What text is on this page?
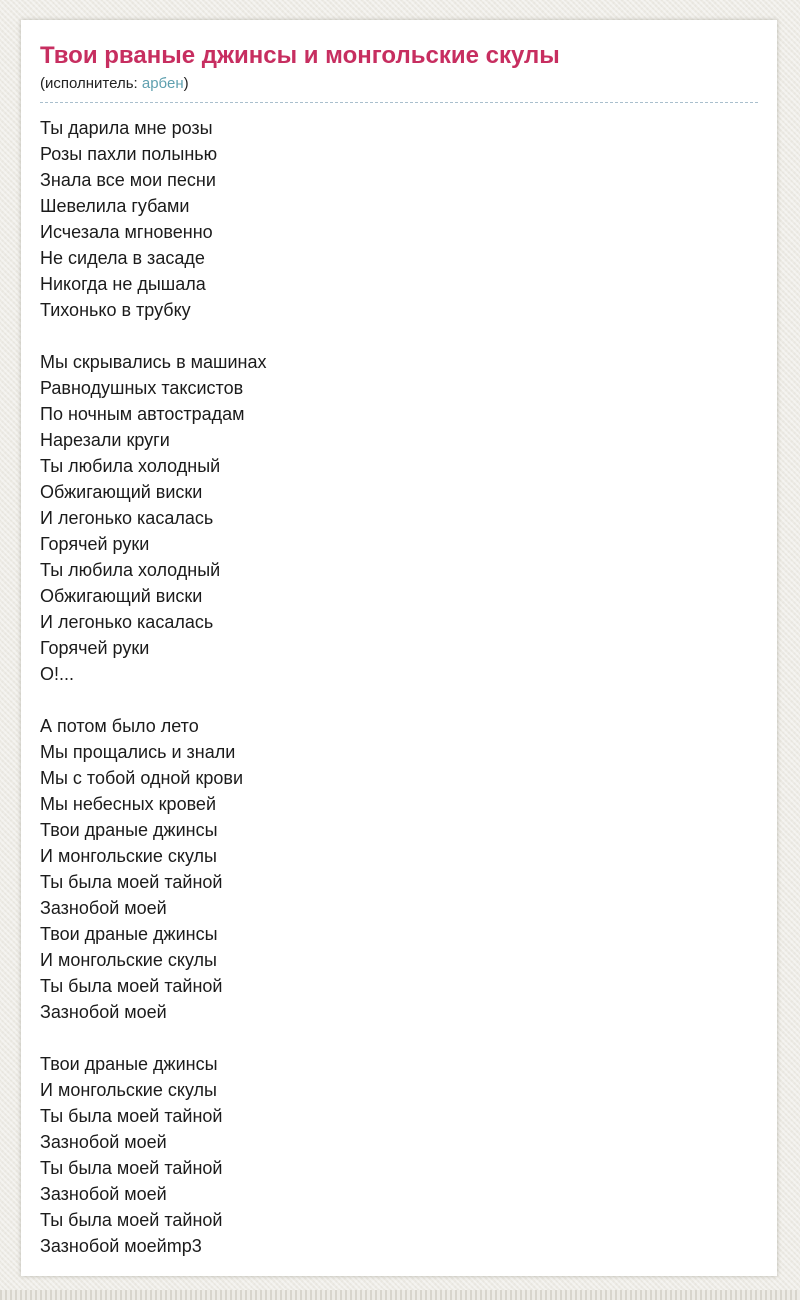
Твои рваные джинсы и монгольские скулы
(исполнитель: арбен)
Ты дарила мне розы
Розы пахли полынью
Знала все мои песни
Шевелила губами
Исчезала мгновенно
Не сидела в засаде
Никогда не дышала
Тихонько в трубку
Мы скрывались в машинах
Равнодушных таксистов
По ночным автострадам
Нарезали круги
Ты любила холодный
Обжигающий виски
И легонько касалась
Горячей руки
Ты любила холодный
Обжигающий виски
И легонько касалась
Горячей руки
О!...
А потом было лето
Мы прощались и знали
Мы с тобой одной крови
Мы небесных кровей
Твои драные джинсы
И монгольские скулы
Ты была моей тайной
Зазнобой моей
Твои драные джинсы
И монгольские скулы
Ты была моей тайной
Зазнобой моей
Твои драные джинсы
И монгольские скулы
Ты была моей тайной
Зазнобой моей
Ты была моей тайной
Зазнобой моей
Ты была моей тайной
Зазнобой моейmp3
